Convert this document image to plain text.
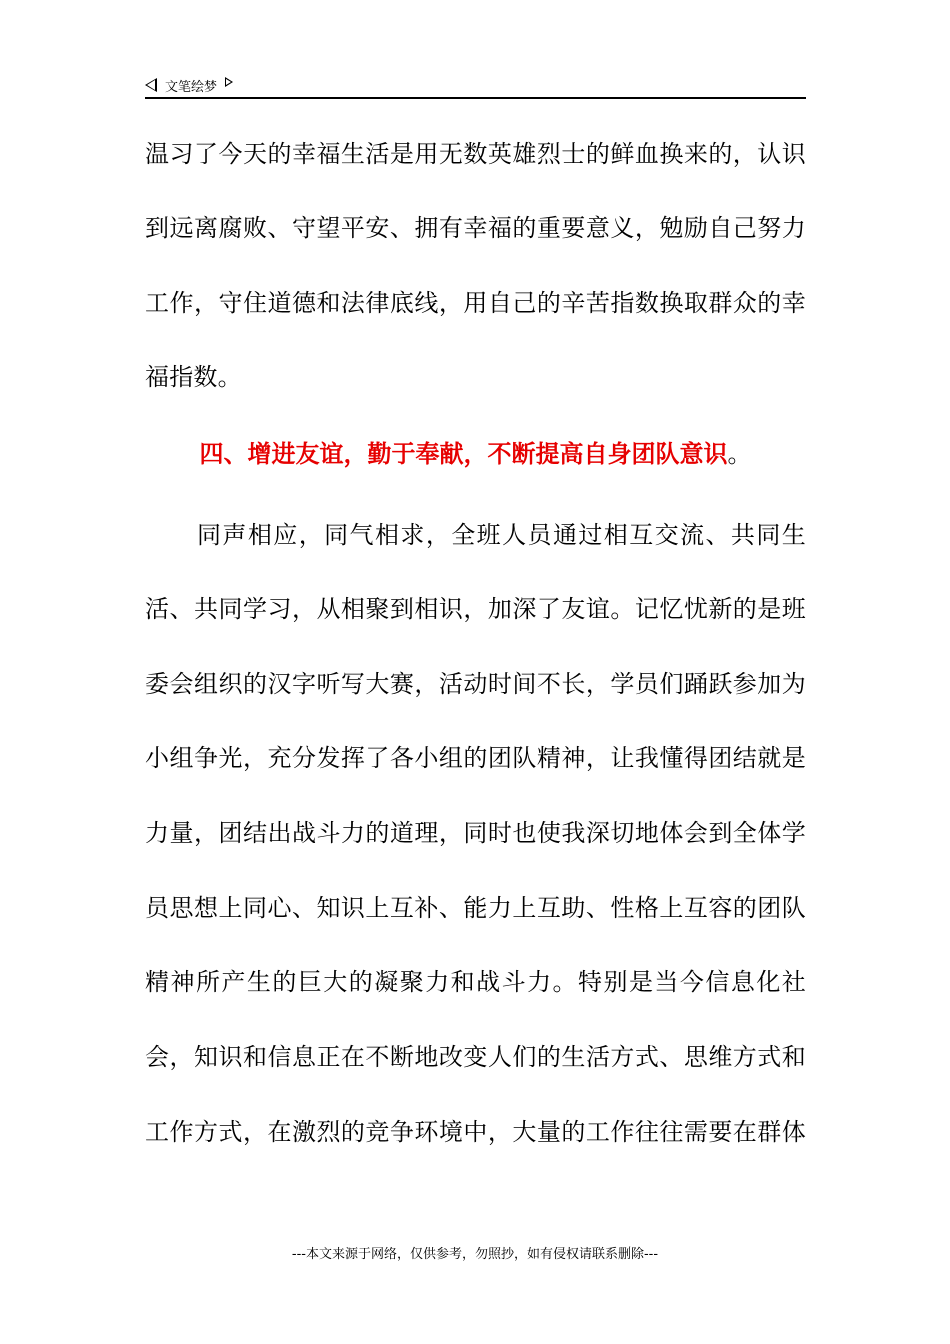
文笔绘梦
温习了今天的幸福生活是用无数英雄烈士的鲜血换来的，认识
到远离腐败、守望平安、拥有幸福的重要意义，勉励自己努力
工作，守住道德和法律底线，用自己的辛苦指数换取群众的幸
福指数。
四、增进友谊，勤于奉献，不断提高自身团队意识。
同声相应，同气相求，全班人员通过相互交流、共同生
活、共同学习，从相聚到相识，加深了友谊。记忆忧新的是班
委会组织的汉字听写大赛，活动时间不长，学员们踊跃参加为
小组争光，充分发挥了各小组的团队精神，让我懂得团结就是
力量，团结出战斗力的道理，同时也使我深切地体会到全体学
员思想上同心、知识上互补、能力上互助、性格上互容的团队
精神所产生的巨大的凝聚力和战斗力。特别是当今信息化社
会，知识和信息正在不断地改变人们的生活方式、思维方式和
工作方式，在激烈的竞争环境中，大量的工作往往需要在群体
---本文来源于网络，仅供参考，勿照抄，如有侵权请联系删除---
